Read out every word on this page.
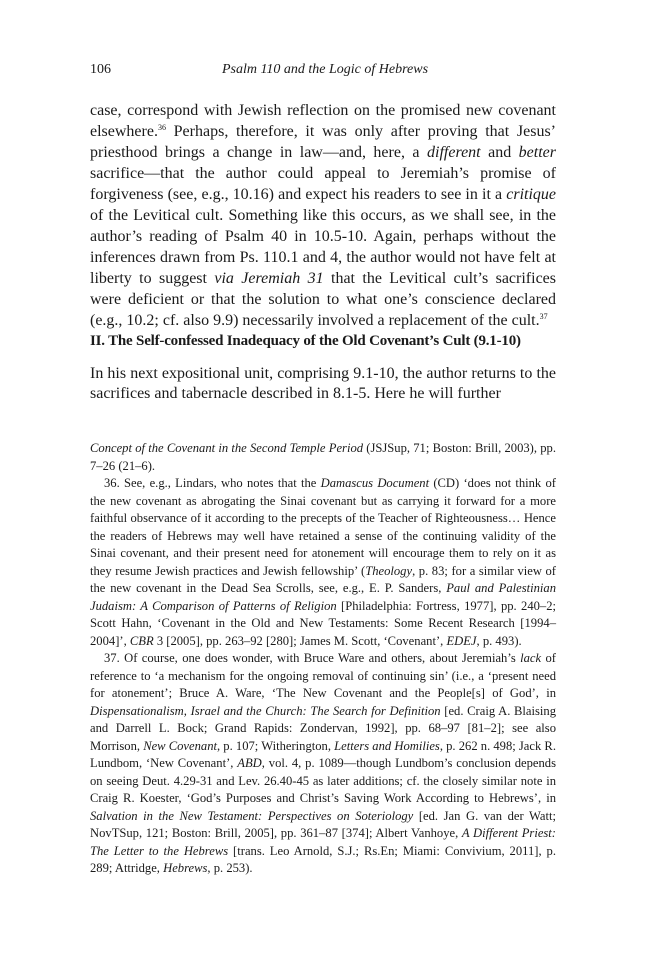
106	Psalm 110 and the Logic of Hebrews

case, correspond with Jewish reflection on the promised new covenant elsewhere.$^{36}$ Perhaps, therefore, it was only after proving that Jesus’ priesthood brings a change in law—and, here, a different and better sacrifice—that the author could appeal to Jeremiah’s promise of forgiveness (see, e.g., 10.16) and expect his readers to see in it a critique of the Levitical cult. Something like this occurs, as we shall see, in the author’s reading of Psalm 40 in 10.5-10. Again, perhaps without the inferences drawn from Ps. 110.1 and 4, the author would not have felt at liberty to suggest via Jeremiah 31 that the Levitical cult’s sacrifices were deficient or that the solution to what one’s conscience declared (e.g., 10.2; cf. also 9.9) necessarily involved a replacement of the cult.$^{37}$

II. The Self-confessed Inadequacy of the Old Covenant’s Cult (9.1-10)

In his next expositional unit, comprising 9.1-10, the author returns to the sacrifices and tabernacle described in 8.1-5. Here he will further

Concept of the Covenant in the Second Temple Period (JSJSup, 71; Boston: Brill, 2003), pp. 7–26 (21–6).

36. See, e.g., Lindars, who notes that the Damascus Document (CD) ‘does not think of the new covenant as abrogating the Sinai covenant but as carrying it forward for a more faithful observance of it according to the precepts of the Teacher of Righteousness… Hence the readers of Hebrews may well have retained a sense of the continuing validity of the Sinai covenant, and their present need for atonement will encourage them to rely on it as they resume Jewish practices and Jewish fellowship’ (Theology, p. 83; for a similar view of the new covenant in the Dead Sea Scrolls, see, e.g., E. P. Sanders, Paul and Palestinian Judaism: A Comparison of Patterns of Religion [Philadelphia: Fortress, 1977], pp. 240–2; Scott Hahn, ‘Covenant in the Old and New Testaments: Some Recent Research [1994–2004]’, CBR 3 [2005], pp. 263–92 [280]; James M. Scott, ‘Covenant’, EDEJ, p. 493).

37. Of course, one does wonder, with Bruce Ware and others, about Jeremiah’s lack of reference to ‘a mechanism for the ongoing removal of continuing sin’ (i.e., a ‘present need for atonement’; Bruce A. Ware, ‘The New Covenant and the People[s] of God’, in Dispensationalism, Israel and the Church: The Search for Definition [ed. Craig A. Blaising and Darrell L. Bock; Grand Rapids: Zondervan, 1992], pp. 68–97 [81–2]; see also Morrison, New Covenant, p. 107; Witherington, Letters and Homilies, p. 262 n. 498; Jack R. Lundbom, ‘New Covenant’, ABD, vol. 4, p. 1089—though Lundbom’s conclusion depends on seeing Deut. 4.29-31 and Lev. 26.40-45 as later additions; cf. the closely similar note in Craig R. Koester, ‘God’s Purposes and Christ’s Saving Work According to Hebrews’, in Salvation in the New Testament: Perspectives on Soteriology [ed. Jan G. van der Watt; NovTSup, 121; Boston: Brill, 2005], pp. 361–87 [374]; Albert Vanhoye, A Different Priest: The Letter to the Hebrews [trans. Leo Arnold, S.J.; Rs.En; Miami: Convivium, 2011], p. 289; Attridge, Hebrews, p. 253).
